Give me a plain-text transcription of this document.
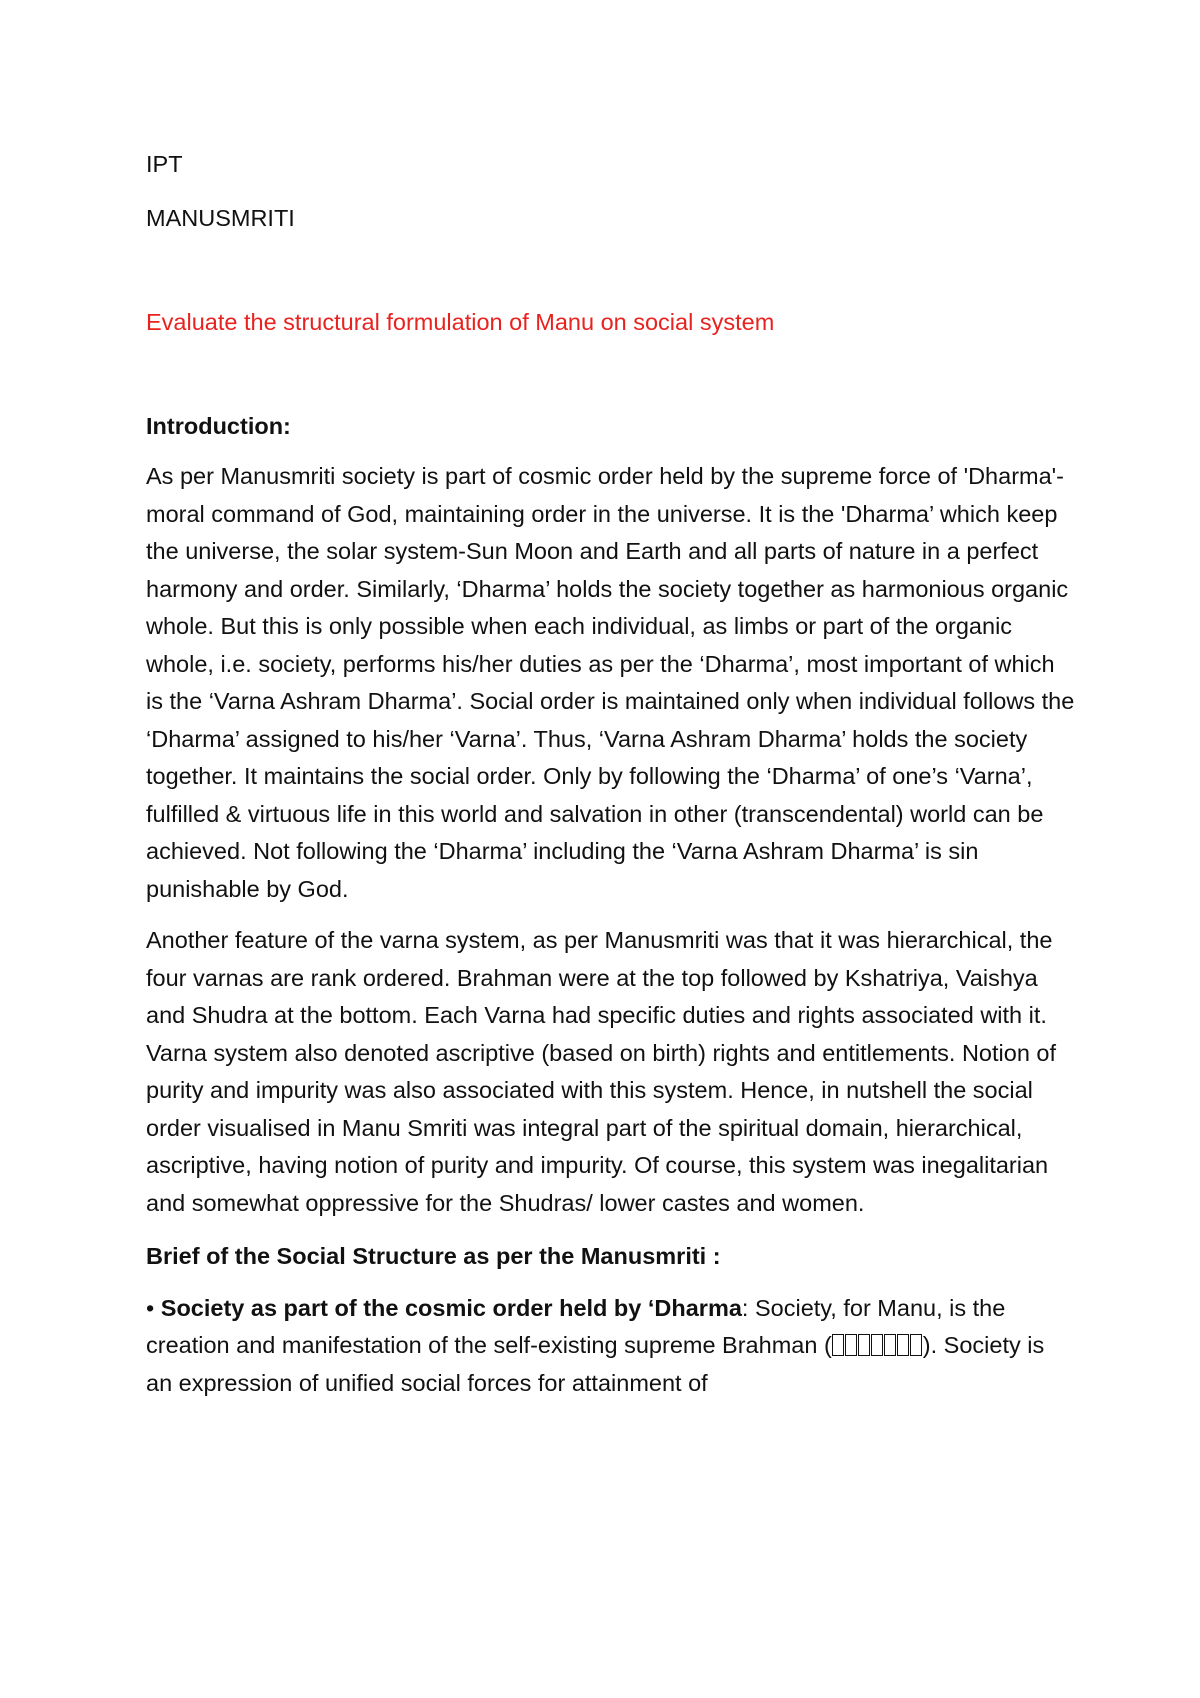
IPT

MANUSMRITI

Evaluate the structural formulation of Manu on social system

Introduction:

As per Manusmriti society is part of cosmic order held by the supreme force of 'Dharma'- moral command of God, maintaining order in the universe. It is the 'Dharma’ which keep the universe, the solar system-Sun Moon and Earth and all parts of nature in a perfect harmony and order. Similarly, ‘Dharma’ holds the society together as harmonious organic whole. But this is only possible when each individual, as limbs or part of the organic whole, i.e. society, performs his/her duties as per the ‘Dharma’, most important of which is the ‘Varna Ashram Dharma’. Social order is maintained only when individual follows the ‘Dharma’ assigned to his/her ‘Varna’. Thus, ‘Varna Ashram Dharma’ holds the society together. It maintains the social order. Only by following the ‘Dharma’ of one’s ‘Varna’, fulfilled & virtuous life in this world and salvation in other (transcendental) world can be achieved. Not following the ‘Dharma’ including the ‘Varna Ashram Dharma’ is sin punishable by God.

Another feature of the varna system, as per Manusmriti was that it was hierarchical, the four varnas are rank ordered. Brahman were at the top followed by Kshatriya, Vaishya and Shudra at the bottom. Each Varna had specific duties and rights associated with it. Varna system also denoted ascriptive (based on birth) rights and entitlements. Notion of purity and impurity was also associated with this system. Hence, in nutshell the social order visualised in Manu Smriti was integral part of the spiritual domain, hierarchical, ascriptive, having notion of purity and impurity. Of course, this system was inegalitarian and somewhat oppressive for the Shudras/ lower castes and women.

Brief of the Social Structure as per the Manusmriti :

• Society as part of the cosmic order held by ‘Dharma: Society, for Manu, is the creation and manifestation of the self-existing supreme Brahman (	). Society is an expression of unified social forces for attainment of
